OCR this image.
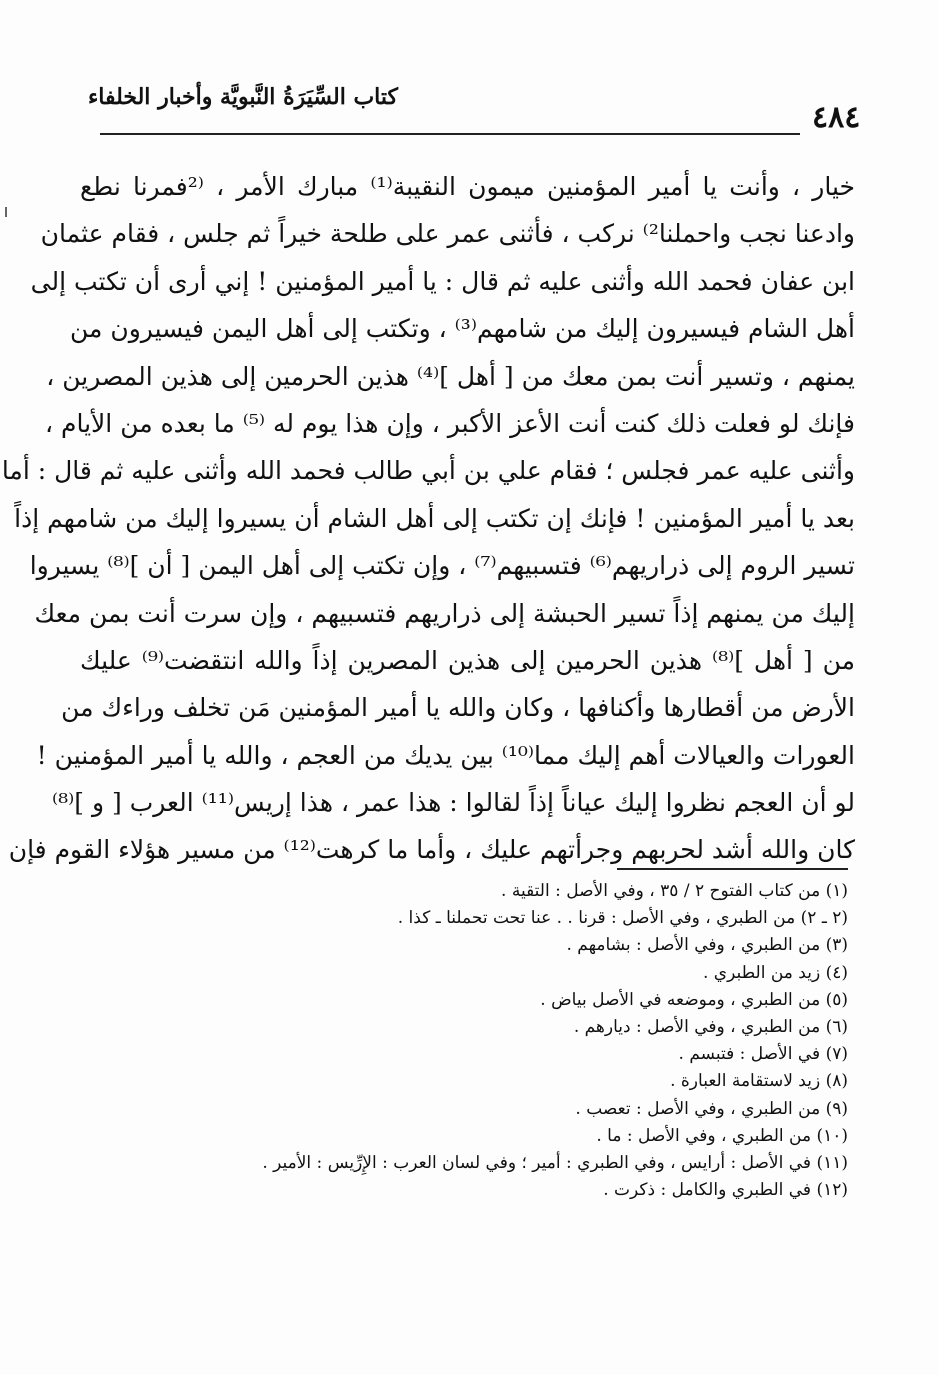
كتاب السِّيَرَةُ النَّبويَّة وأخبار الخلفاء
٤٨٤
خيار ، وأنت يا أمير المؤمنين ميمون النقيبة⁽¹⁾ مبارك الأمر ، ⁽²فمرنا نطع
وادعنا نجب واحملنا²⁾ نركب ، فأثنى عمر على طلحة خيراً ثم جلس ، فقام عثمان
ابن عفان فحمد الله وأثنى عليه ثم قال : يا أمير المؤمنين ! إني أرى أن تكتب إلى
أهل الشام فيسيرون إليك من شامهم⁽³⁾ ، وتكتب إلى أهل اليمن فيسيرون من
يمنهم ، وتسير أنت بمن معك من [ أهل ]⁽⁴⁾ هذين الحرمين إلى هذين المصرين ،
فإنك لو فعلت ذلك كنت أنت الأعز الأكبر ، وإن هذا يوم له ⁽⁵⁾ ما بعده من الأيام ،
وأثنى عليه عمر فجلس ؛ فقام علي بن أبي طالب فحمد الله وأثنى عليه ثم قال : أما
بعد يا أمير المؤمنين ! فإنك إن تكتب إلى أهل الشام أن يسيروا إليك من شامهم إذاً
تسير الروم إلى ذراريهم⁽⁶⁾ فتسبيهم⁽⁷⁾ ، وإن تكتب إلى أهل اليمن [ أن ]⁽⁸⁾ يسيروا
إليك من يمنهم إذاً تسير الحبشة إلى ذراريهم فتسبيهم ، وإن سرت أنت بمن معك
من [ أهل ]⁽⁸⁾ هذين الحرمين إلى هذين المصرين إذاً والله انتقضت⁽⁹⁾ عليك
الأرض من أقطارها وأكنافها ، وكان والله يا أمير المؤمنين مَن تخلف وراءك من
العورات والعيالات أهم إليك مما⁽¹⁰⁾ بين يديك من العجم ، والله يا أمير المؤمنين !
لو أن العجم نظروا إليك عياناً إذاً لقالوا : هذا عمر ، هذا إريس⁽¹¹⁾ العرب [ و ]⁽⁸⁾
كان والله أشد لحربهم وجرأتهم عليك ، وأما ما كرهت⁽¹²⁾ من مسير هؤلاء القوم فإن
(١) من كتاب الفتوح ٢ / ٣٥ ، وفي الأصل : التقية .
(٢ ـ ٢) من الطبري ، وفي الأصل : قرنا . . عنا تحت تحملنا ـ كذا .
(٣) من الطبري ، وفي الأصل : بشامهم .
(٤) زيد من الطبري .
(٥) من الطبري ، وموضعه في الأصل بياض .
(٦) من الطبري ، وفي الأصل : ديارهم .
(٧) في الأصل : فتبسم .
(٨) زيد لاستقامة العبارة .
(٩) من الطبري ، وفي الأصل : تعصب .
(١٠) من الطبري ، وفي الأصل : ما .
(١١) في الأصل : أرايس ، وفي الطبري : أمير ؛ وفي لسان العرب : الإِرِّيس : الأمير .
(١٢) في الطبري والكامل : ذكرت .
